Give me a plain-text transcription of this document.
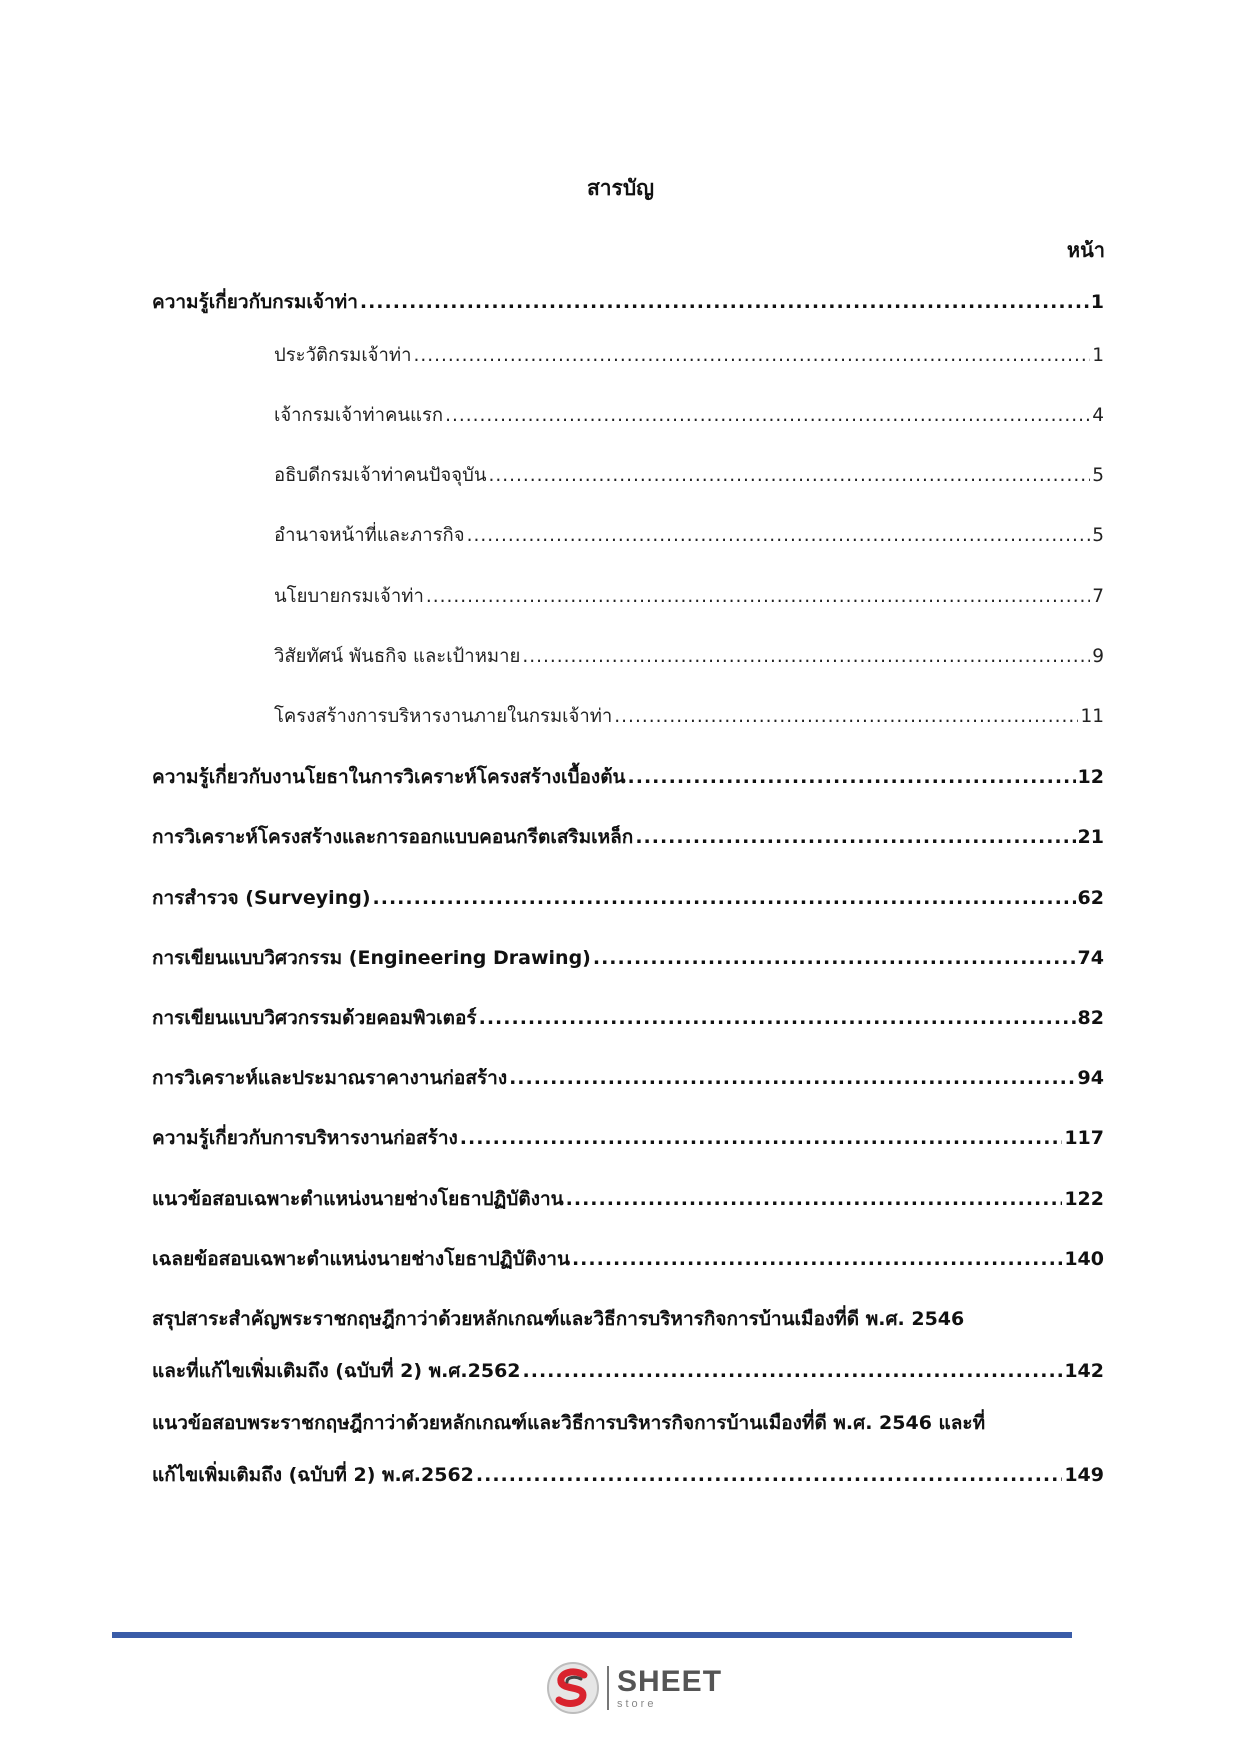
สารบัญ
หน้า
ความรู้เกี่ยวกับกรมเจ้าท่า .....	1
ประวัติกรมเจ้าท่า .....	1
เจ้ากรมเจ้าท่าคนแรก .....	4
อธิบดีกรมเจ้าท่าคนปัจจุบัน .....	5
อำนาจหน้าที่และภารกิจ .....	5
นโยบายกรมเจ้าท่า .....	7
วิสัยทัศน์ พันธกิจ และเป้าหมาย .....	9
โครงสร้างการบริหารงานภายในกรมเจ้าท่า .....	11
ความรู้เกี่ยวกับงานโยธาในการวิเคราะห์โครงสร้างเบื้องต้น .....	12
การวิเคราะห์โครงสร้างและการออกแบบคอนกรีตเสริมเหล็ก .....	21
การสำรวจ (Surveying) .....	62
การเขียนแบบวิศวกรรม (Engineering Drawing) .....	74
การเขียนแบบวิศวกรรมด้วยคอมพิวเตอร์ .....	82
การวิเคราะห์และประมาณราคางานก่อสร้าง .....	94
ความรู้เกี่ยวกับการบริหารงานก่อสร้าง .....	117
แนวข้อสอบเฉพาะตำแหน่งนายช่างโยธาปฏิบัติงาน .....	122
เฉลยข้อสอบเฉพาะตำแหน่งนายช่างโยธาปฏิบัติงาน .....	140
สรุปสาระสำคัญพระราชกฤษฎีกาว่าด้วยหลักเกณฑ์และวิธีการบริหารกิจการบ้านเมืองที่ดี พ.ศ. 2546
และที่แก้ไขเพิ่มเติมถึง (ฉบับที่ 2) พ.ศ.2562 .....	142
แนวข้อสอบพระราชกฤษฎีกาว่าด้วยหลักเกณฑ์และวิธีการบริหารกิจการบ้านเมืองที่ดี พ.ศ. 2546 และที่
แก้ไขเพิ่มเติมถึง (ฉบับที่ 2) พ.ศ.2562 .....	149
SHEET
store
